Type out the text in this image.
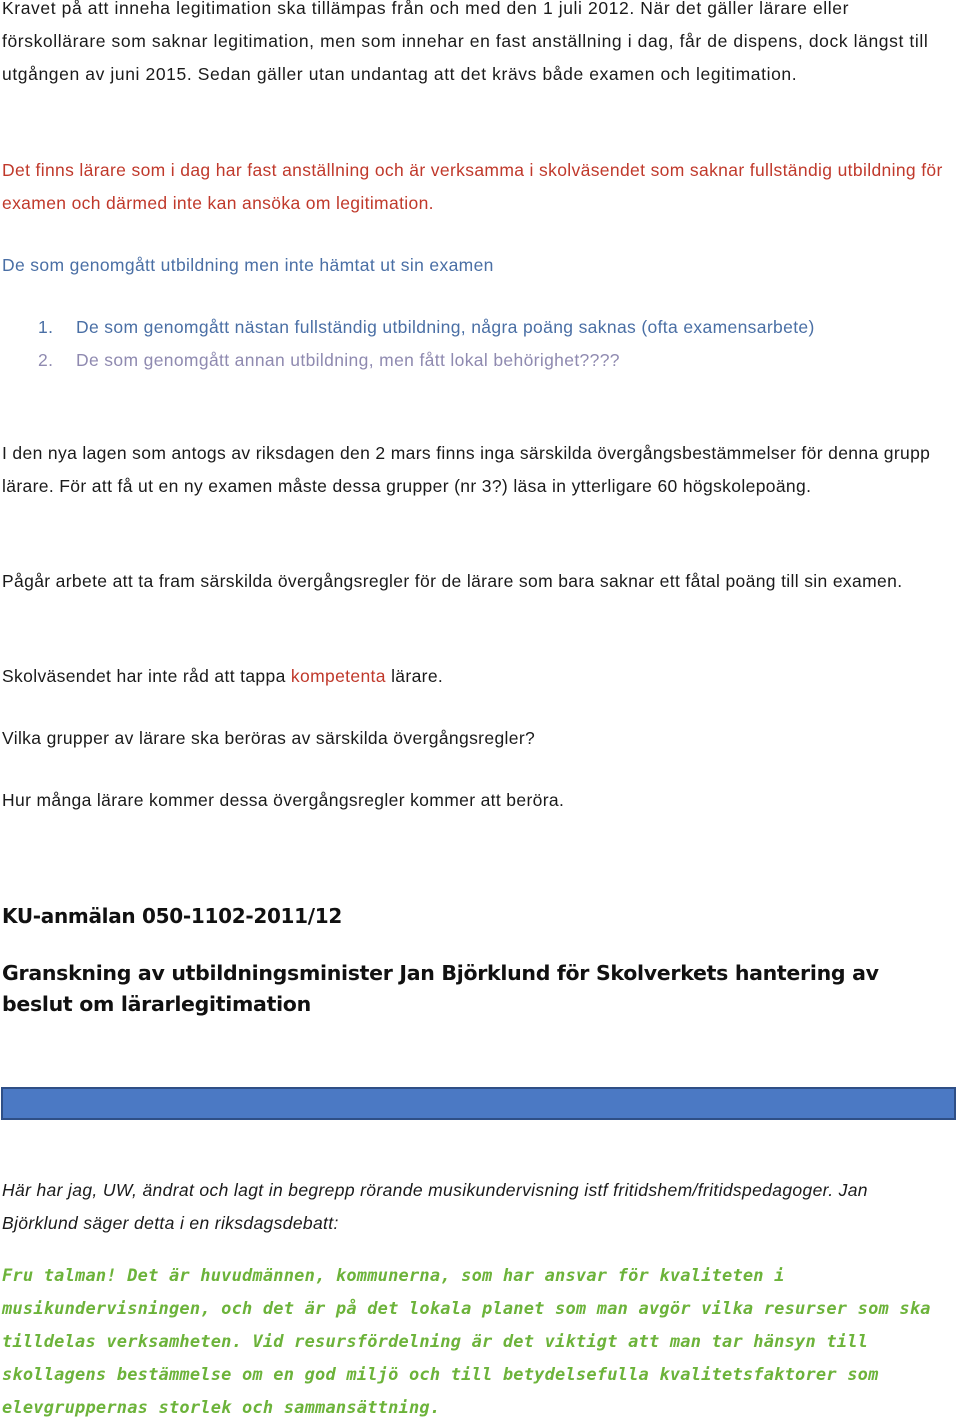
Kravet på att inneha legitimation ska tillämpas från och med den 1 juli 2012. När det gäller lärare eller förskollärare som saknar legitimation, men som innehar en fast anställning i dag, får de dispens, dock längst till utgången av juni 2015. Sedan gäller utan undantag att det krävs både examen och legitimation.

Det finns lärare som i dag har fast anställning och är verksamma i skolväsendet som saknar fullständig utbildning för examen och därmed inte kan ansöka om legitimation.

De som genomgått utbildning men inte hämtat ut sin examen

1.	De som genomgått nästan fullständig utbildning, några poäng saknas (ofta examensarbete)
2.	De som genomgått annan utbildning, men fått lokal behörighet????

I den nya lagen som antogs av riksdagen den 2 mars finns inga särskilda övergångsbestämmelser för denna grupp lärare. För att få ut en ny examen måste dessa grupper (nr 3?) läsa in ytterligare 60 högskolepoäng.

Pågår arbete att ta fram särskilda övergångsregler för de lärare som bara saknar ett fåtal poäng till sin examen.

Skolväsendet har inte råd att tappa kompetenta lärare.

Vilka grupper av lärare ska beröras av särskilda övergångsregler?

Hur många lärare kommer dessa övergångsregler kommer att beröra.

KU-anmälan 050-1102-2011/12
Granskning av utbildningsminister Jan Björklund för Skolverkets hantering av beslut om lärarlegitimation

Här har jag, UW, ändrat och lagt in begrepp rörande musikundervisning istf fritidshem/fritidspedagoger. Jan Björklund säger detta i en riksdagsdebatt:

Fru talman! Det är huvudmännen, kommunerna, som har ansvar för kvaliteten i musikundervisningen, och det är på det lokala planet som man avgör vilka resurser som ska tilldelas verksamheten. Vid resursfördelning är det viktigt att man tar hänsyn till skollagens bestämmelse om en god miljö och till betydelsefulla kvalitetsfaktorer som elevgruppernas storlek och sammansättning.
